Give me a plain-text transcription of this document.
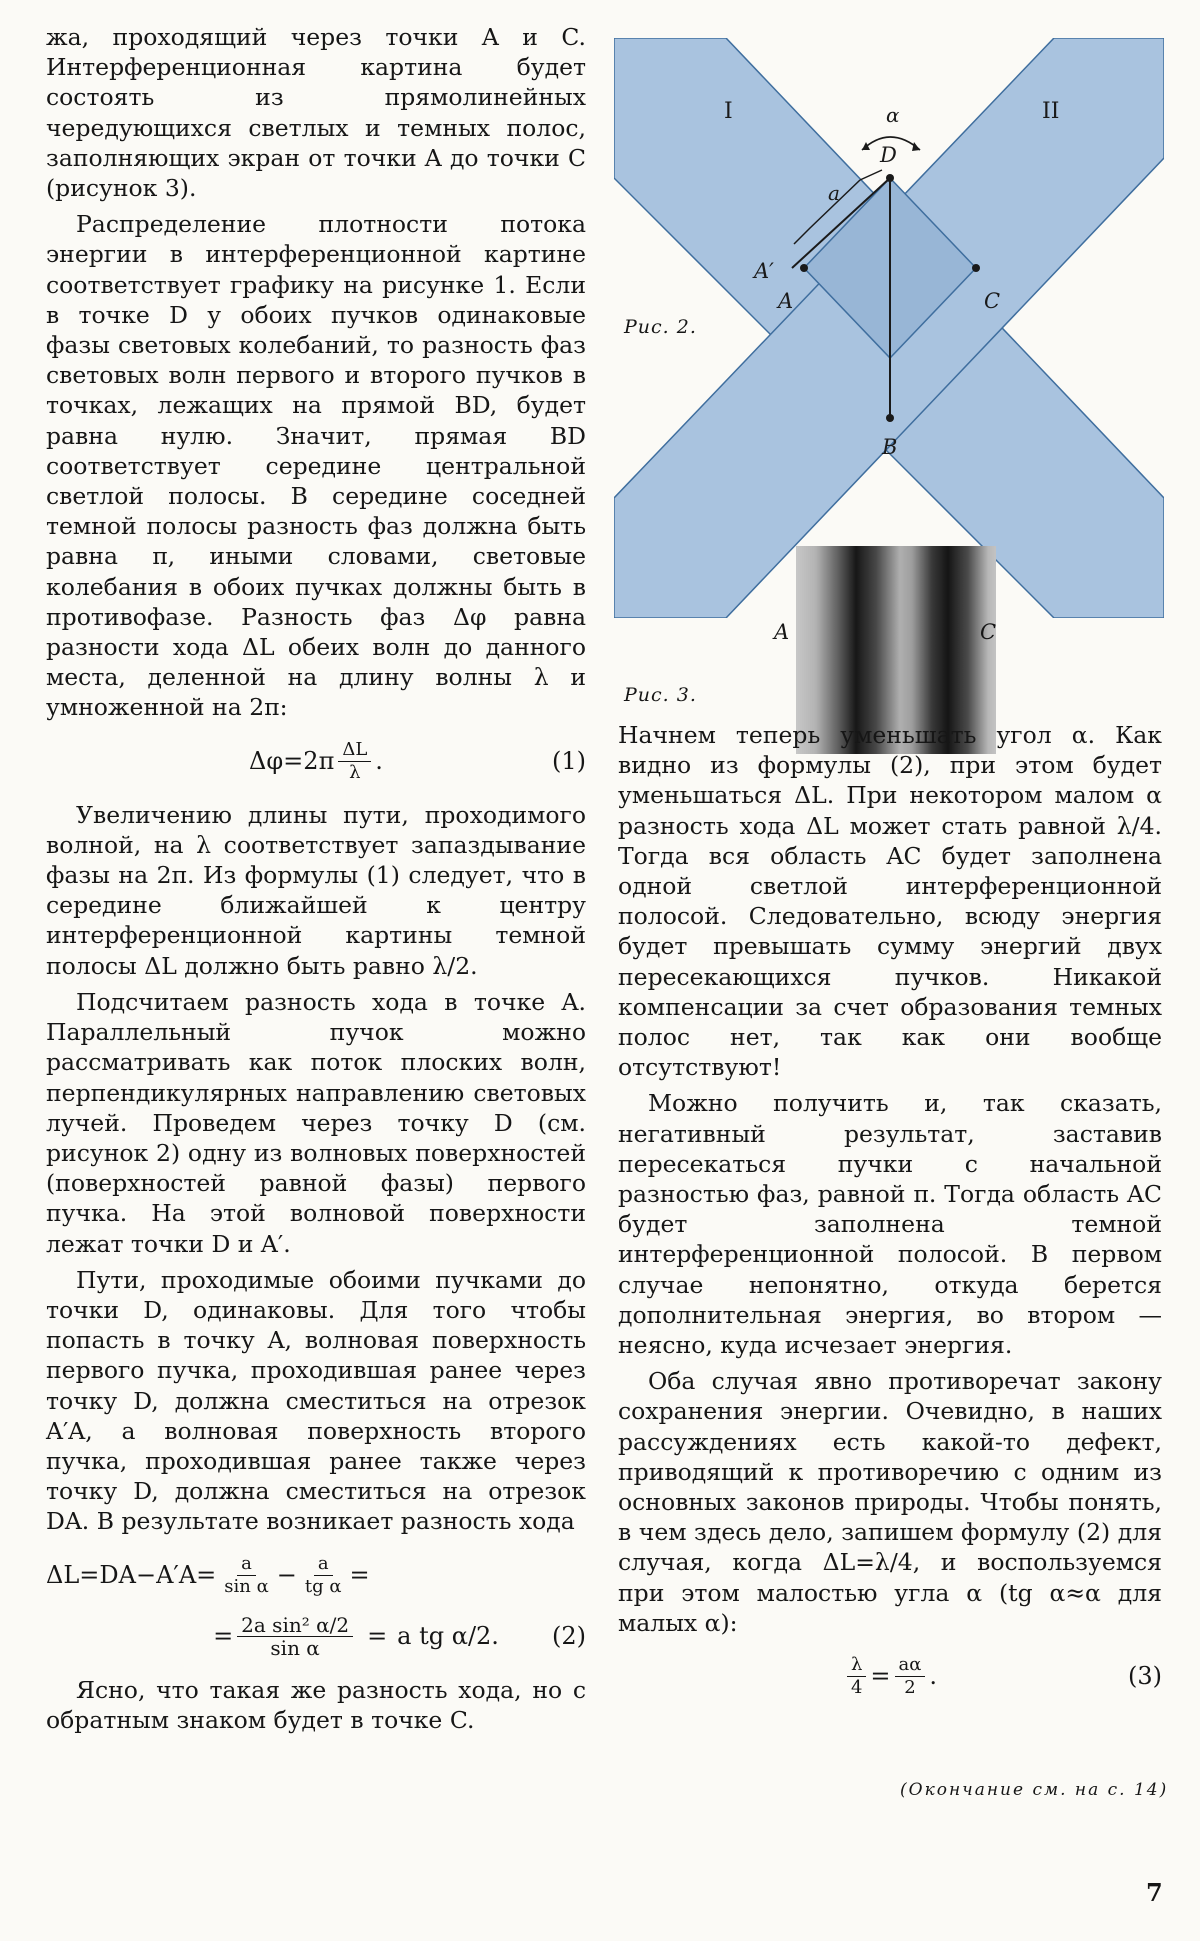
жа, проходящий через точки A и C. Интерференционная картина будет состоять из прямолинейных чередующихся светлых и темных полос, заполняющих экран от точки A до точки C (рисунок 3).

Распределение плотности потока энергии в интерференционной картине соответствует графику на рисунке 1. Если в точке D у обоих пучков одинаковые фазы световых колебаний, то разность фаз световых волн первого и второго пучков в точках, лежащих на прямой BD, будет равна нулю. Значит, прямая BD соответствует середине центральной светлой полосы. В середине соседней темной полосы разность фаз должна быть равна π, иными словами, световые колебания в обоих пучках должны быть в противофазе. Разность фаз Δφ равна разности хода ΔL обеих волн до данного места, деленной на длину волны λ и умноженной на 2π:

$\Delta\varphi=2\pi \frac{\Delta L}{\lambda}$ .	(1)

Увеличению длины пути, проходимого волной, на λ соответствует запаздывание фазы на 2π. Из формулы (1) следует, что в середине ближайшей к центру интерференционной картины темной полосы ΔL должно быть равно λ/2.

Подсчитаем разность хода в точке A. Параллельный пучок можно рассматривать как поток плоских волн, перпендикулярных направлению световых лучей. Проведем через точку D (см. рисунок 2) одну из волновых поверхностей (поверхностей равной фазы) первого пучка. На этой волновой поверхности лежат точки D и A′.

Пути, проходимые обоими пучками до точки D, одинаковы. Для того чтобы попасть в точку A, волновая поверхность первого пучка, проходившая ранее через точку D, должна сместиться на отрезок A′A, а волновая поверхность второго пучка, проходившая ранее также через точку D, должна сместиться на отрезок DA. В результате возникает разность хода

$\Delta L=DA-A'A= \frac{a}{\text{sin α}} - \frac{a}{\text{tg α}}$ =
= $\frac{\text{2a sin² α/2}}{\text{sin α}} = a$ tg α/2. (2)

Ясно, что такая же разность хода, но с обратным знаком будет в точке C.

I	II
α
a
D
A′
A	C
B
Рис. 2.
A	C
Рис. 3.

Начнем теперь уменьшать угол α. Как видно из формулы (2), при этом будет уменьшаться ΔL. При некотором малом α разность хода ΔL может стать равной λ/4. Тогда вся область AC будет заполнена одной светлой интерференционной полосой. Следовательно, всюду энергия будет превышать сумму энергий двух пересекающихся пучков. Никакой компенсации за счет образования темных полос нет, так как они вообще отсутствуют!

Можно получить и, так сказать, негативный результат, заставив пересекаться пучки с начальной разностью фаз, равной π. Тогда область AC будет заполнена темной интерференционной полосой. В первом случае непонятно, откуда берется дополнительная энергия, во втором — неясно, куда исчезает энергия.

Оба случая явно противоречат закону сохранения энергии. Очевидно, в наших рассуждениях есть какой-то дефект, приводящий к противоречию с одним из основных законов природы. Чтобы понять, в чем здесь дело, запишем формулу (2) для случая, когда ΔL=λ/4, и воспользуемся при этом малостью угла α (tg α≈α для малых α):

$\frac{\lambda}{4} = \frac{a\alpha}{2}$ .	(3)
(Окончание см. на с. 14)
7
